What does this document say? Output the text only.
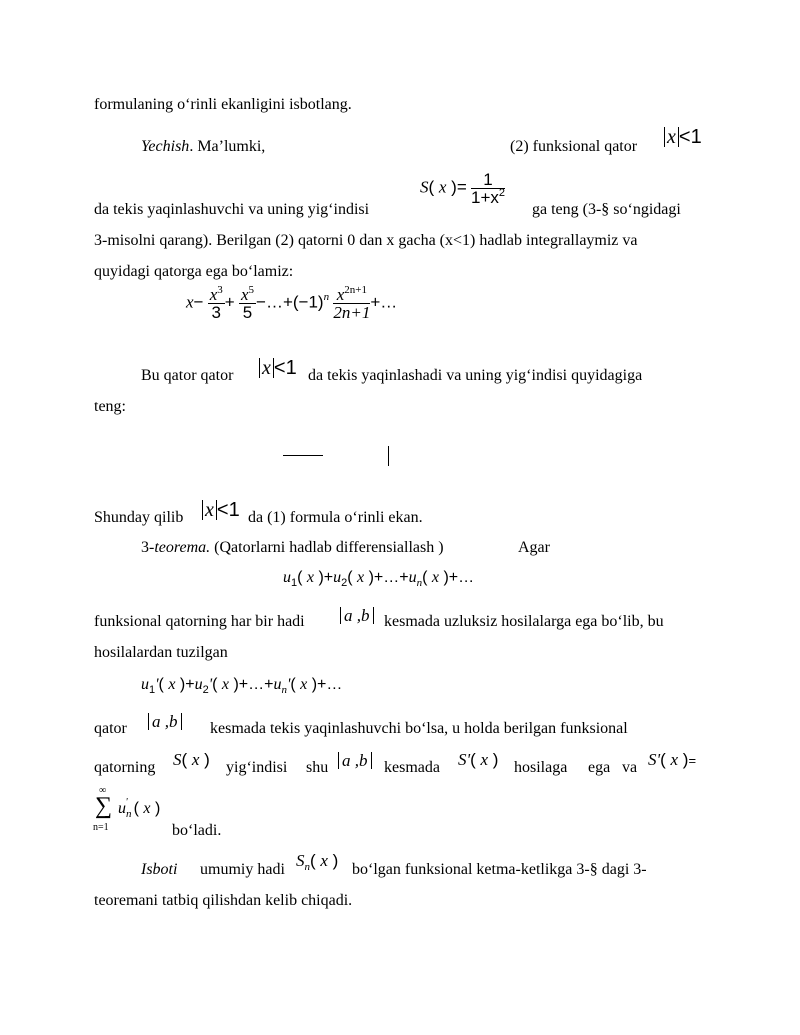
formulaning o‘rinli ekanligini isbotlang.
Yechish. Ma’lumki,	(2) funksional qator x <1
da tekis yaqinlashuvchi va uning yig‘indisi
S( x )= $\frac{1}{1+x^2}$
ga teng (3-§ so‘ngidagi
3-misolni qarang). Berilgan (2) qatorni 0 dan x gacha (x<1) hadlab integrallaymiz va
quyidagi qatorga ega bo‘lamiz:
$x- \frac{x^3}{3} + \frac{x^5}{5}$ $-\dots+(-1)^n \frac{x^{2n+1}}{2n+1}$ +…
Bu qator qator x <1 da tekis yaqinlashadi va uning yig‘indisi quyidagiga
teng:
Shunday qilib x <1 da (1) formula o‘rinli ekan.
3-teorema. (Qatorlarni hadlab differensiallash )	Agar
$u_1$( x )$+u_2$( x )$+\dots+u_n$( x )+…
funksional qatorning har bir hadi a ,b kesmada uzluksiz hosilalarga ega bo‘lib, bu
hosilalardan tuzilgan
$u_1'$( x )$+u_2'$( x )$+\dots+u_n'$( x )+…
qator a ,b kesmada tekis yaqinlashuvchi bo‘lsa, u holda berilgan funksional
qatorning S( x ) yig‘indisi shu a ,b kesmada S'( x ) hosilaga ega va S'( x )=
∞
∑
n=1
$u_n'$ ( x )
bo‘ladi.
Isboti umumiy hadi $S_n$( x ) bo‘lgan funksional ketma-ketlikga 3-§ dagi 3-
teoremani tatbiq qilishdan kelib chiqadi.
